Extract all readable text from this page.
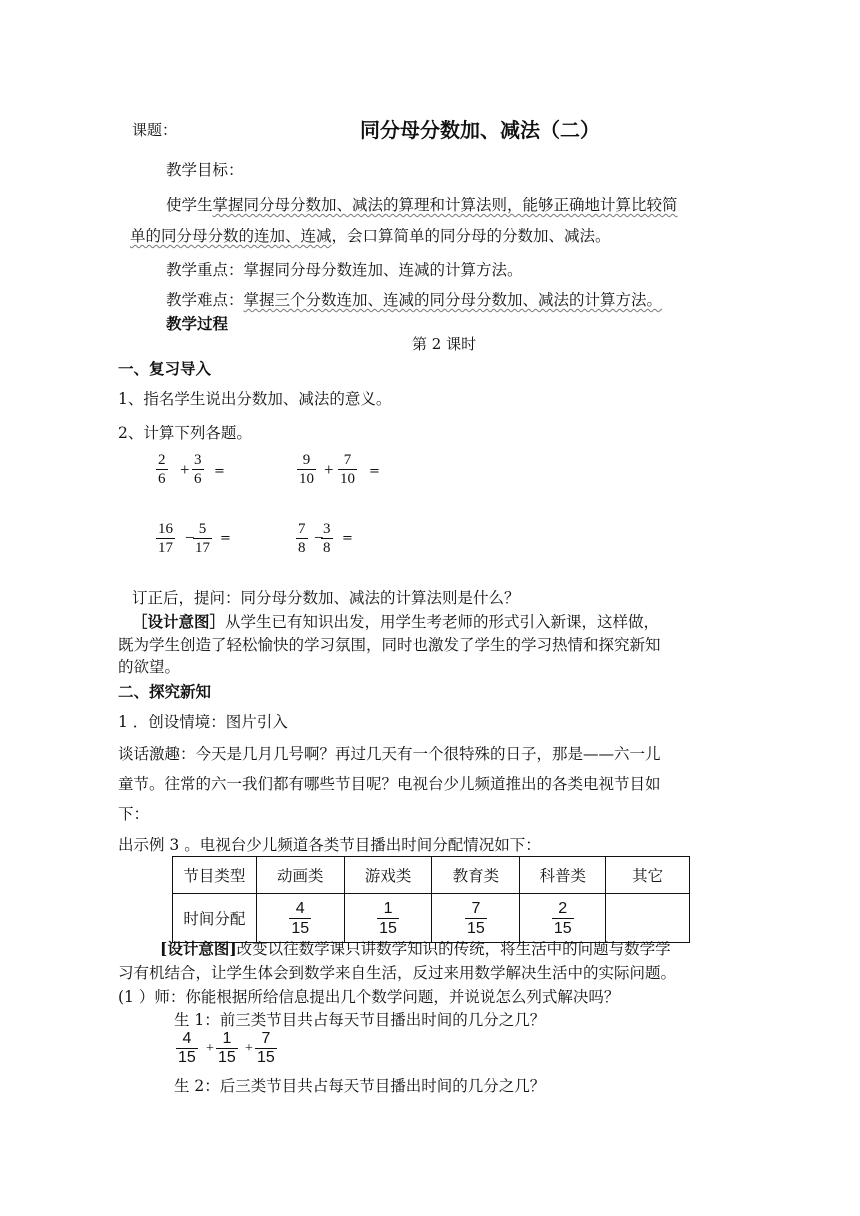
课题：	同分母分数加、减法（二）
教学目标：
使学生掌握同分母分数加、减法的算理和计算法则，能够正确地计算比较简
单的同分母分数的连加、连减，会口算简单的同分母的分数加、减法。
教学重点：掌握同分母分数连加、连减的计算方法。
教学难点：掌握三个分数连加、连减的同分母分数加、减法的计算方法。
教学过程
第 2 课时
一、复习导入
1、指名学生说出分数加、减法的意义。
2、计算下列各题。
2
6 + 3
6 =
9
10 + 7
10 =
16
17
− 5
17
=
7
8
− 3
8
=
订正后，提问：同分母分数加、减法的计算法则是什么？
［设计意图］从学生已有知识出发，用学生考老师的形式引入新课，这样做，
既为学生创造了轻松愉快的学习氛围，同时也激发了学生的学习热情和探究新知
的欲望。
二、探究新知
1 ．创设情境：图片引入
谈话激趣：今天是几月几号啊？再过几天有一个很特殊的日子，那是——六一儿
童节。往常的六一我们都有哪些节目呢？电视台少儿频道推出的各类电视节目如
下：
出示例 3 。电视台少儿频道各类节目播出时间分配情况如下：
节目类型	动画类	游戏类	教育类	科普类	其它
时间分配	$\frac{4}{15}$	$\frac{1}{15}$	$\frac{7}{15}$	$\frac{2}{15}$

[设计意图]改变以往数学课只讲数学知识的传统，将生活中的问题与数学学
习有机结合，让学生体会到数学来自生活，反过来用数学解决生活中的实际问题。
(1 ）师：你能根据所给信息提出几个数学问题，并说说怎么列式解决吗？
生 1：前三类节目共占每天节目播出时间的几分之几？
4
15
+
1
15
+
7
15
生 2：后三类节目共占每天节目播出时间的几分之几？
